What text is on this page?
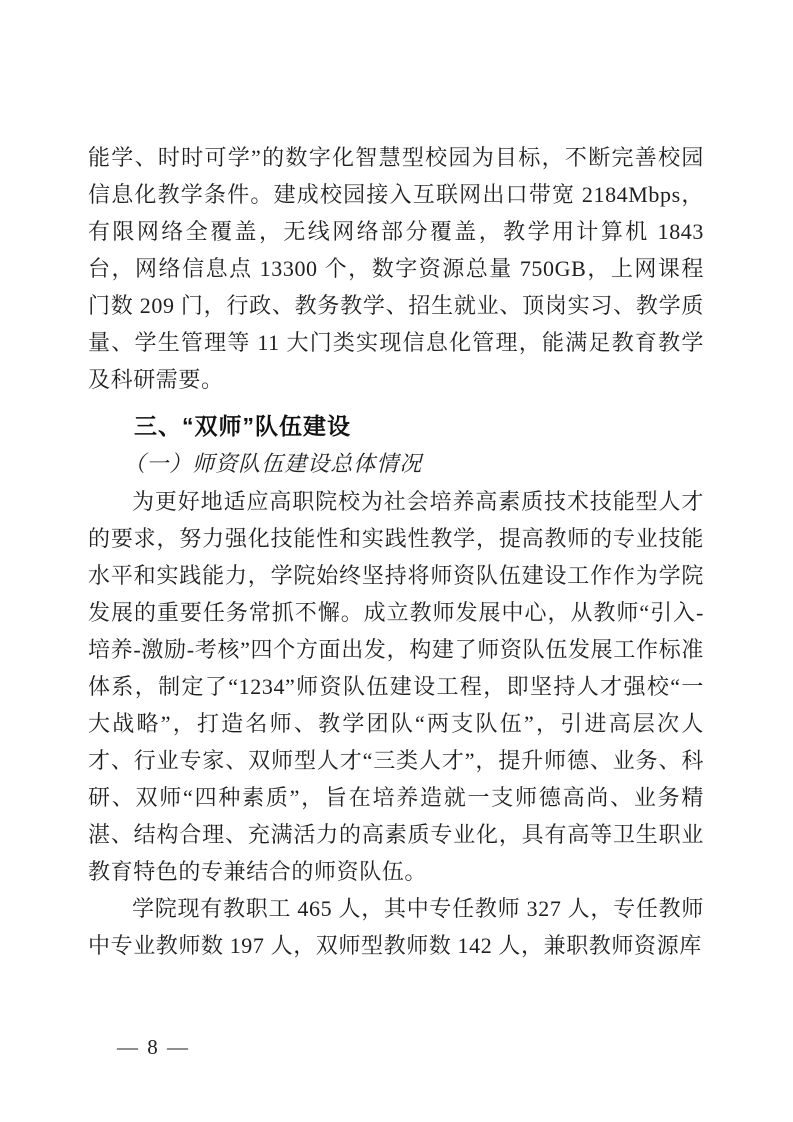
能学、时时可学”的数字化智慧型校园为目标，不断完善校园信息化教学条件。建成校园接入互联网出口带宽 2184Mbps，有限网络全覆盖，无线网络部分覆盖，教学用计算机 1843 台，网络信息点 13300 个，数字资源总量 750GB，上网课程门数 209 门，行政、教务教学、招生就业、顶岗实习、教学质量、学生管理等 11 大门类实现信息化管理，能满足教育教学及科研需要。

三、“双师”队伍建设
（一）师资队伍建设总体情况

为更好地适应高职院校为社会培养高素质技术技能型人才的要求，努力强化技能性和实践性教学，提高教师的专业技能水平和实践能力，学院始终坚持将师资队伍建设工作作为学院发展的重要任务常抓不懈。成立教师发展中心，从教师“引入-培养-激励-考核”四个方面出发，构建了师资队伍发展工作标准体系，制定了“1234”师资队伍建设工程，即坚持人才强校“一大战略”，打造名师、教学团队“两支队伍”，引进高层次人才、行业专家、双师型人才“三类人才”，提升师德、业务、科研、双师“四种素质”，旨在培养造就一支师德高尚、业务精湛、结构合理、充满活力的高素质专业化，具有高等卫生职业教育特色的专兼结合的师资队伍。

学院现有教职工 465 人，其中专任教师 327 人，专任教师中专业教师数 197 人，双师型教师数 142 人，兼职教师资源库

— 8 —
